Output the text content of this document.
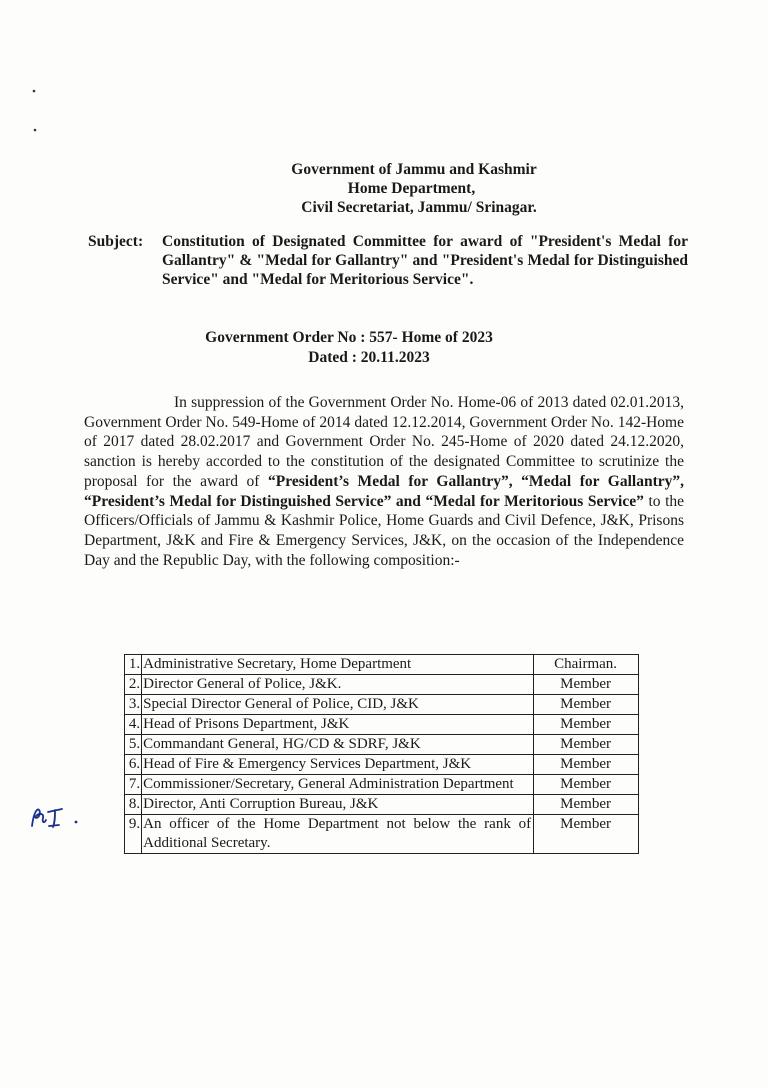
Government of Jammu and Kashmir
Home Department,
Civil Secretariat, Jammu/ Srinagar.
Subject:	Constitution of Designated Committee for award of "President's Medal for Gallantry" & "Medal for Gallantry" and "President's Medal for Distinguished Service" and "Medal for Meritorious Service".
Government Order No : 557- Home of 2023
Dated : 20.11.2023

In suppression of the Government Order No. Home-06 of 2013 dated 02.01.2013, Government Order No. 549-Home of 2014 dated 12.12.2014, Government Order No. 142-Home of 2017 dated 28.02.2017 and Government Order No. 245-Home of 2020 dated 24.12.2020, sanction is hereby accorded to the constitution of the designated Committee to scrutinize the proposal for the award of “President’s Medal for Gallantry”, “Medal for Gallantry”, “President’s Medal for Distinguished Service” and “Medal for Meritorious Service” to the Officers/Officials of Jammu & Kashmir Police, Home Guards and Civil Defence, J&K, Prisons Department, J&K and Fire & Emergency Services, J&K, on the occasion of the Independence Day and the Republic Day, with the following composition:-

1.	Administrative Secretary, Home Department	Chairman.
2.	Director General of Police, J&K.	Member
3.	Special Director General of Police, CID, J&K	Member
4.	Head of Prisons Department, J&K	Member
5.	Commandant General, HG/CD & SDRF, J&K	Member
6.	Head of Fire & Emergency Services Department, J&K	Member
7.	Commissioner/Secretary, General Administration Department	Member
8.	Director, Anti Corruption Bureau, J&K	Member
9.	An officer of the Home Department not below the rank of Additional Secretary.	Member
